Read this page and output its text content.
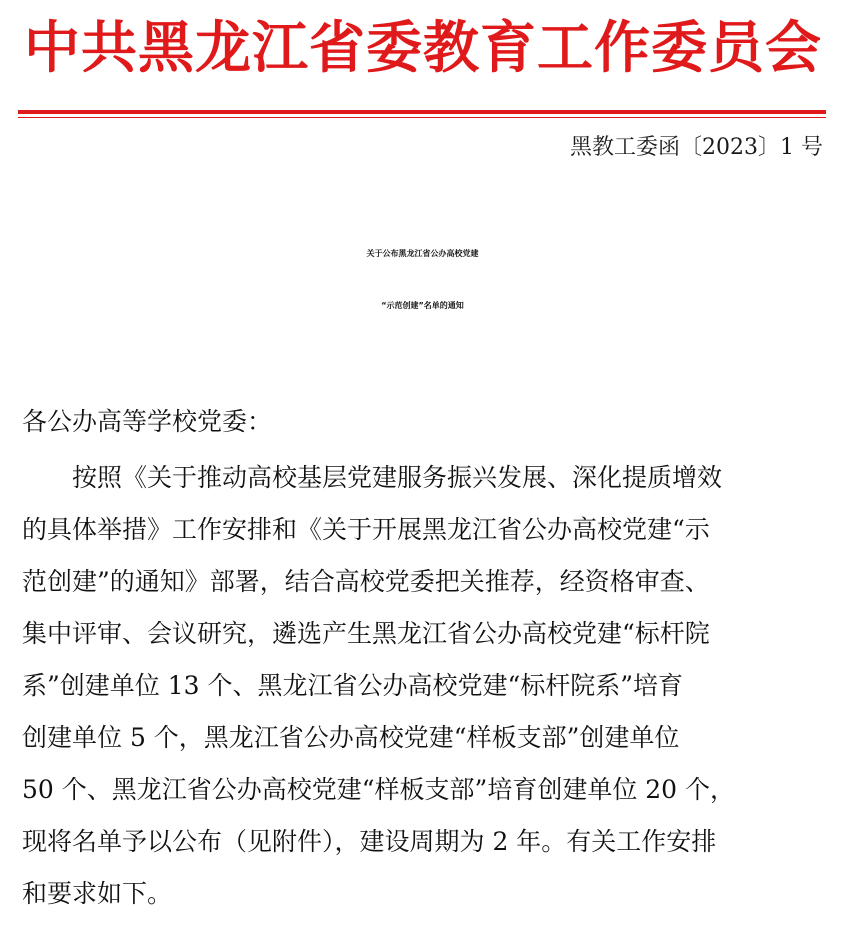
中共黑龙江省委教育工作委员会
黑教工委函〔2023〕1 号
关于公布黑龙江省公办高校党建
“示范创建”名单的通知
各公办高等学校党委：
按照《关于推动高校基层党建服务振兴发展、深化提质增效
的具体举措》工作安排和《关于开展黑龙江省公办高校党建“示
范创建”的通知》部署，结合高校党委把关推荐，经资格审查、
集中评审、会议研究，遴选产生黑龙江省公办高校党建“标杆院
系”创建单位 13 个、黑龙江省公办高校党建“标杆院系”培育
创建单位 5 个，黑龙江省公办高校党建“样板支部”创建单位
50 个、黑龙江省公办高校党建“样板支部”培育创建单位 20 个，
现将名单予以公布（见附件），建设周期为 2 年。有关工作安排
和要求如下。
